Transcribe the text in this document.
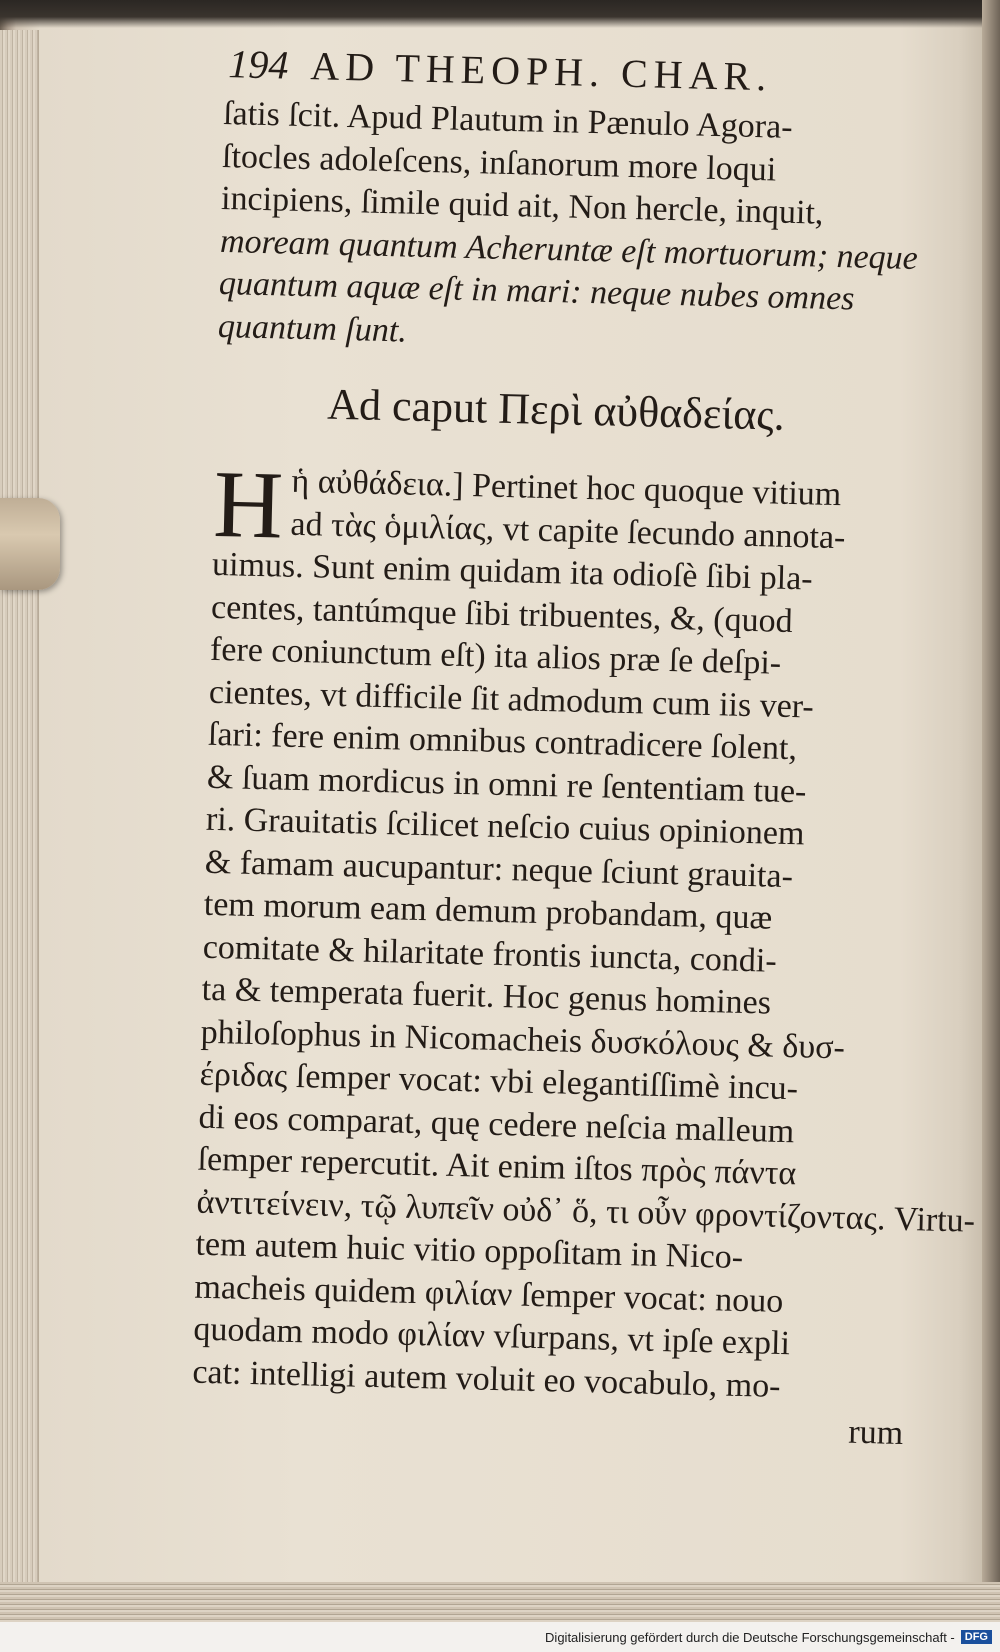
194 AD THEOPH. CHAR.
ſatis ſcit. Apud Plautum in Pænulo Agora-
ſtocles adoleſcens, inſanorum more loqui
incipiens, ſimile quid ait, Non hercle, inquit,
moream quantum Acheruntæ eſt mortuorum; neque
quantum aquæ eſt in mari: neque nubes omnes
quantum ſunt.
Ad caput Περὶ αὐθαδείας.
H ἡ αὐθάδεια.] Pertinet hoc quoque vitium
ad τὰς ὁμιλίας, vt capite ſecundo annota-
uimus. Sunt enim quidam ita odioſè ſibi pla-
centes, tantúmque ſibi tribuentes, &, (quod
fere coniunctum eſt) ita alios præ ſe deſpi-
cientes, vt difficile ſit admodum cum iis ver-
ſari: fere enim omnibus contradicere ſolent,
& ſuam mordicus in omni re ſententiam tue-
ri. Grauitatis ſcilicet neſcio cuius opinionem
& famam aucupantur: neque ſciunt grauita-
tem morum eam demum probandam, quæ
comitate & hilaritate frontis iuncta, condi-
ta & temperata fuerit. Hoc genus homines
philoſophus in Nicomacheis δυσκόλους & δυσ-
έριδας ſemper vocat: vbi elegantiſſimè incu-
di eos comparat, quę cedere neſcia malleum
ſemper repercutit. Ait enim iſtos πρὸς πάντα
ἀντιτείνειν, τῷ λυπεῖν οὐδ᾽ ὅ, τι οὖν φροντίζοντας. Virtu-
tem autem huic vitio oppoſitam in Nico-
macheis quidem φιλίαν ſemper vocat: nouo
quodam modo φιλίαν vſurpans, vt ipſe expli
cat: intelligi autem voluit eo vocabulo, mo-
rum
Digitalisierung gefördert durch die Deutsche Forschungsgemeinschaft - DFG
